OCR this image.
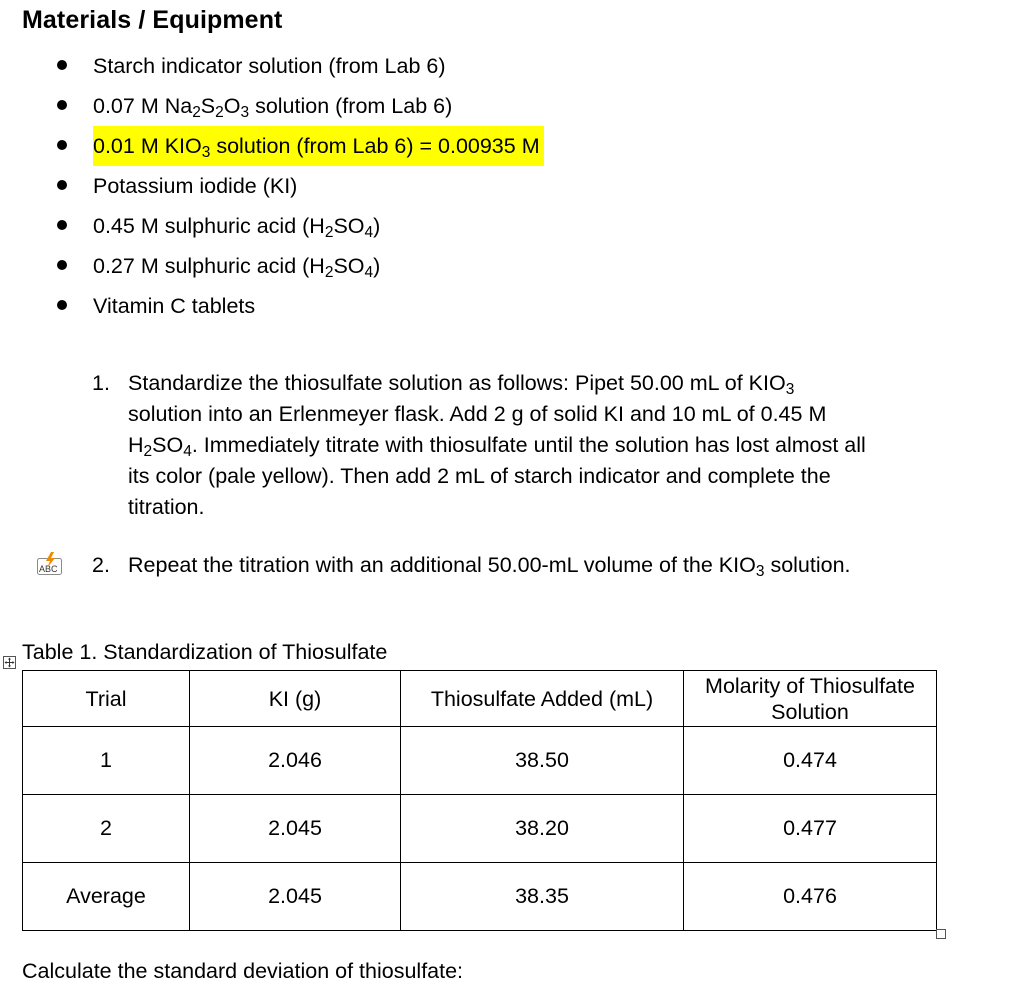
Materials / Equipment
Starch indicator solution (from Lab 6)
0.07 M $Na_2S_2O_3$ solution (from Lab 6)
0.01 M $KIO_3$ solution (from Lab 6) = 0.00935 M
Potassium iodide (KI)
0.45 M sulphuric acid $(H_2SO_4)$
0.27 M sulphuric acid $(H_2SO_4)$
Vitamin C tablets
1. Standardize the thiosulfate solution as follows: Pipet 50.00 mL of $KIO_3$
solution into an Erlenmeyer flask. Add 2 g of solid KI and 10 mL of 0.45 M
$H_2SO_4$. Immediately titrate with thiosulfate until the solution has lost almost all
its color (pale yellow). Then add 2 mL of starch indicator and complete the
titration.
ABC 2. Repeat the titration with an additional 50.00-mL volume of the $KIO_3$ solution.
Table 1. Standardization of Thiosulfate
Trial	KI (g)	Thiosulfate Added (mL)	Molarity of Thiosulfate
Solution

1	2.046	38.50	0.474
2	2.045	38.20	0.477
Average	2.045	38.35	0.476
Calculate the standard deviation of thiosulfate:
